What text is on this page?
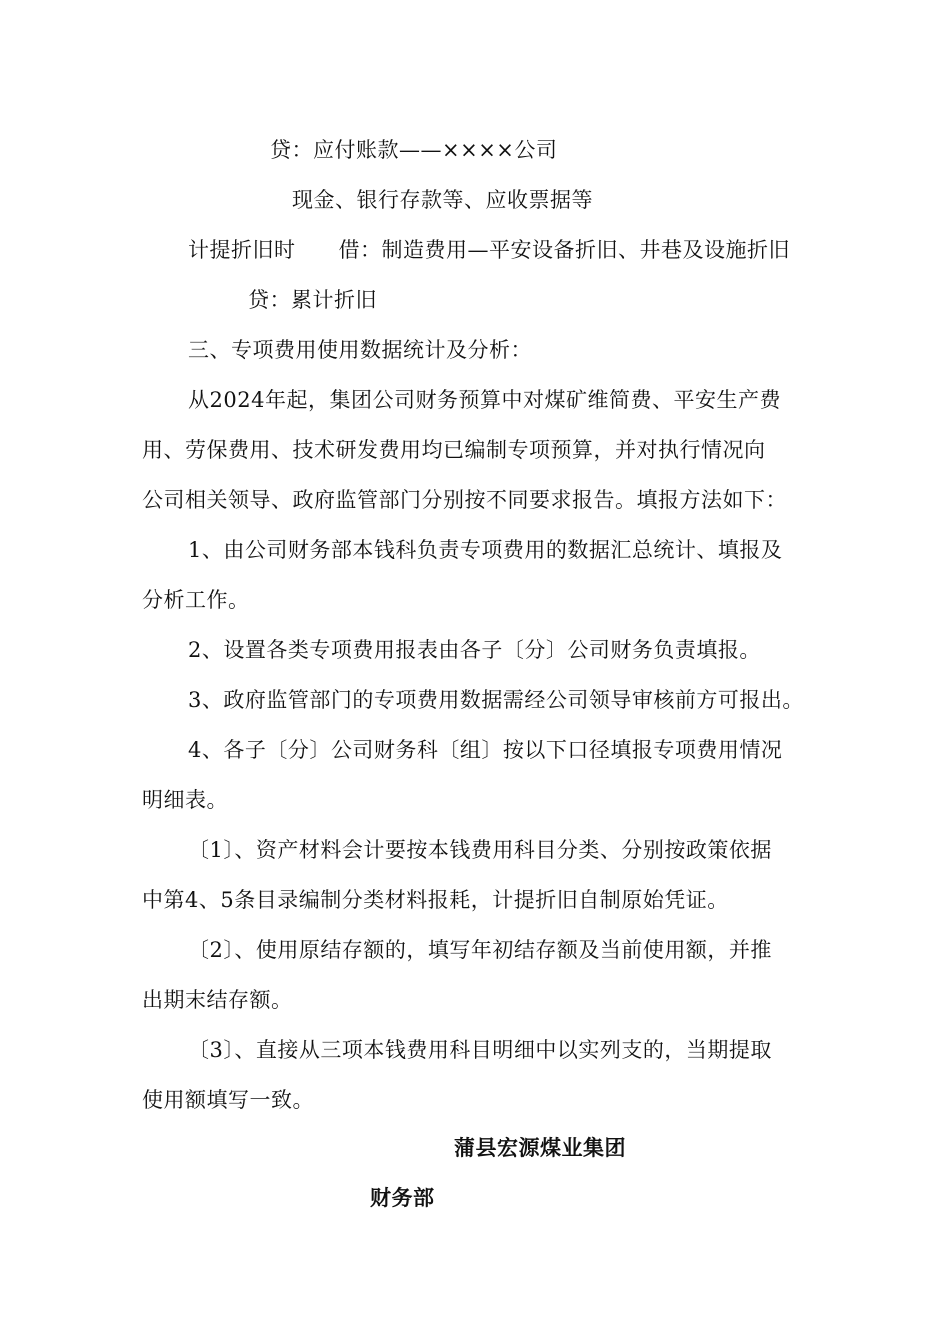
贷：应付账款——××××公司
现金、银行存款等、应收票据等
计提折旧时　　借：制造费用—平安设备折旧、井巷及设施折旧
贷：累计折旧
三、专项费用使用数据统计及分析：
从2024年起，集团公司财务预算中对煤矿维简费、平安生产费
用、劳保费用、技术研发费用均已编制专项预算，并对执行情况向
公司相关领导、政府监管部门分别按不同要求报告。填报方法如下：
1、由公司财务部本钱科负责专项费用的数据汇总统计、填报及
分析工作。
2、设置各类专项费用报表由各子〔分〕公司财务负责填报。
3、政府监管部门的专项费用数据需经公司领导审核前方可报出。
4、各子〔分〕公司财务科〔组〕按以下口径填报专项费用情况
明细表。
〔1〕、资产材料会计要按本钱费用科目分类、分别按政策依据
中第4、5条目录编制分类材料报耗，计提折旧自制原始凭证。
〔2〕、使用原结存额的，填写年初结存额及当前使用额，并推
出期末结存额。
〔3〕、直接从三项本钱费用科目明细中以实列支的，当期提取
使用额填写一致。
蒲县宏源煤业集团
财务部
